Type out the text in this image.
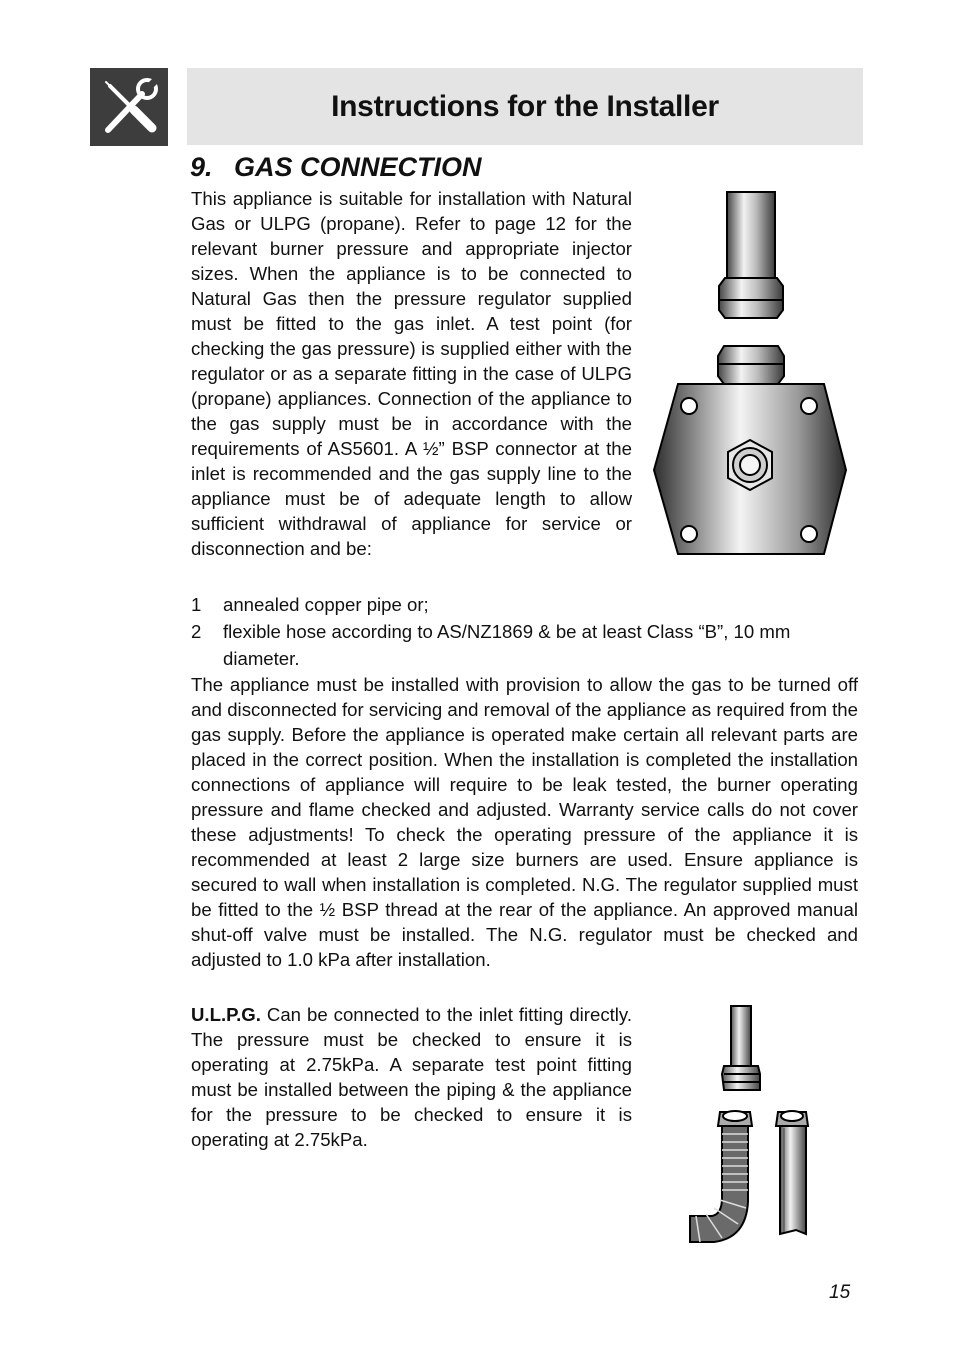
Instructions for the Installer
9. GAS CONNECTION

This appliance is suitable for installation with Natural Gas or ULPG (propane). Refer to page 12 for the relevant burner pressure and appropriate injector sizes. When the appliance is to be connected to Natural Gas then the pressure regulator supplied must be fitted to the gas inlet. A test point (for checking the gas pressure) is supplied either with the regulator or as a separate fitting in the case of ULPG (propane) appliances. Connection of the appliance to the gas supply must be in accordance with the requirements of AS5601. A ½” BSP connector at the inlet is recommended and the gas supply line to the appliance must be of adequate length to allow sufficient withdrawal of appliance for service or disconnection and be:

1	annealed copper pipe or;
2	flexible hose according to AS/NZ1869 & be at least Class “B”, 10 mm diameter.

The appliance must be installed with provision to allow the gas to be turned off and disconnected for servicing and removal of the appliance as required from the gas supply. Before the appliance is operated make certain all relevant parts are placed in the correct position. When the installation is completed the installation connections of appliance will require to be leak tested, the burner operating pressure and flame checked and adjusted. Warranty service calls do not cover these adjustments! To check the operating pressure of the appliance it is recommended at least 2 large size burners are used. Ensure appliance is secured to wall when installation is completed. N.G. The regulator supplied must be fitted to the ½ BSP thread at the rear of the appliance. An approved manual shut-off valve must be installed. The N.G. regulator must be checked and adjusted to 1.0 kPa after installation.

U.L.P.G. Can be connected to the inlet fitting directly. The pressure must be checked to ensure it is operating at 2.75kPa. A separate test point fitting must be installed between the piping & the appliance for the pressure to be checked to ensure it is operating at 2.75kPa.

15
